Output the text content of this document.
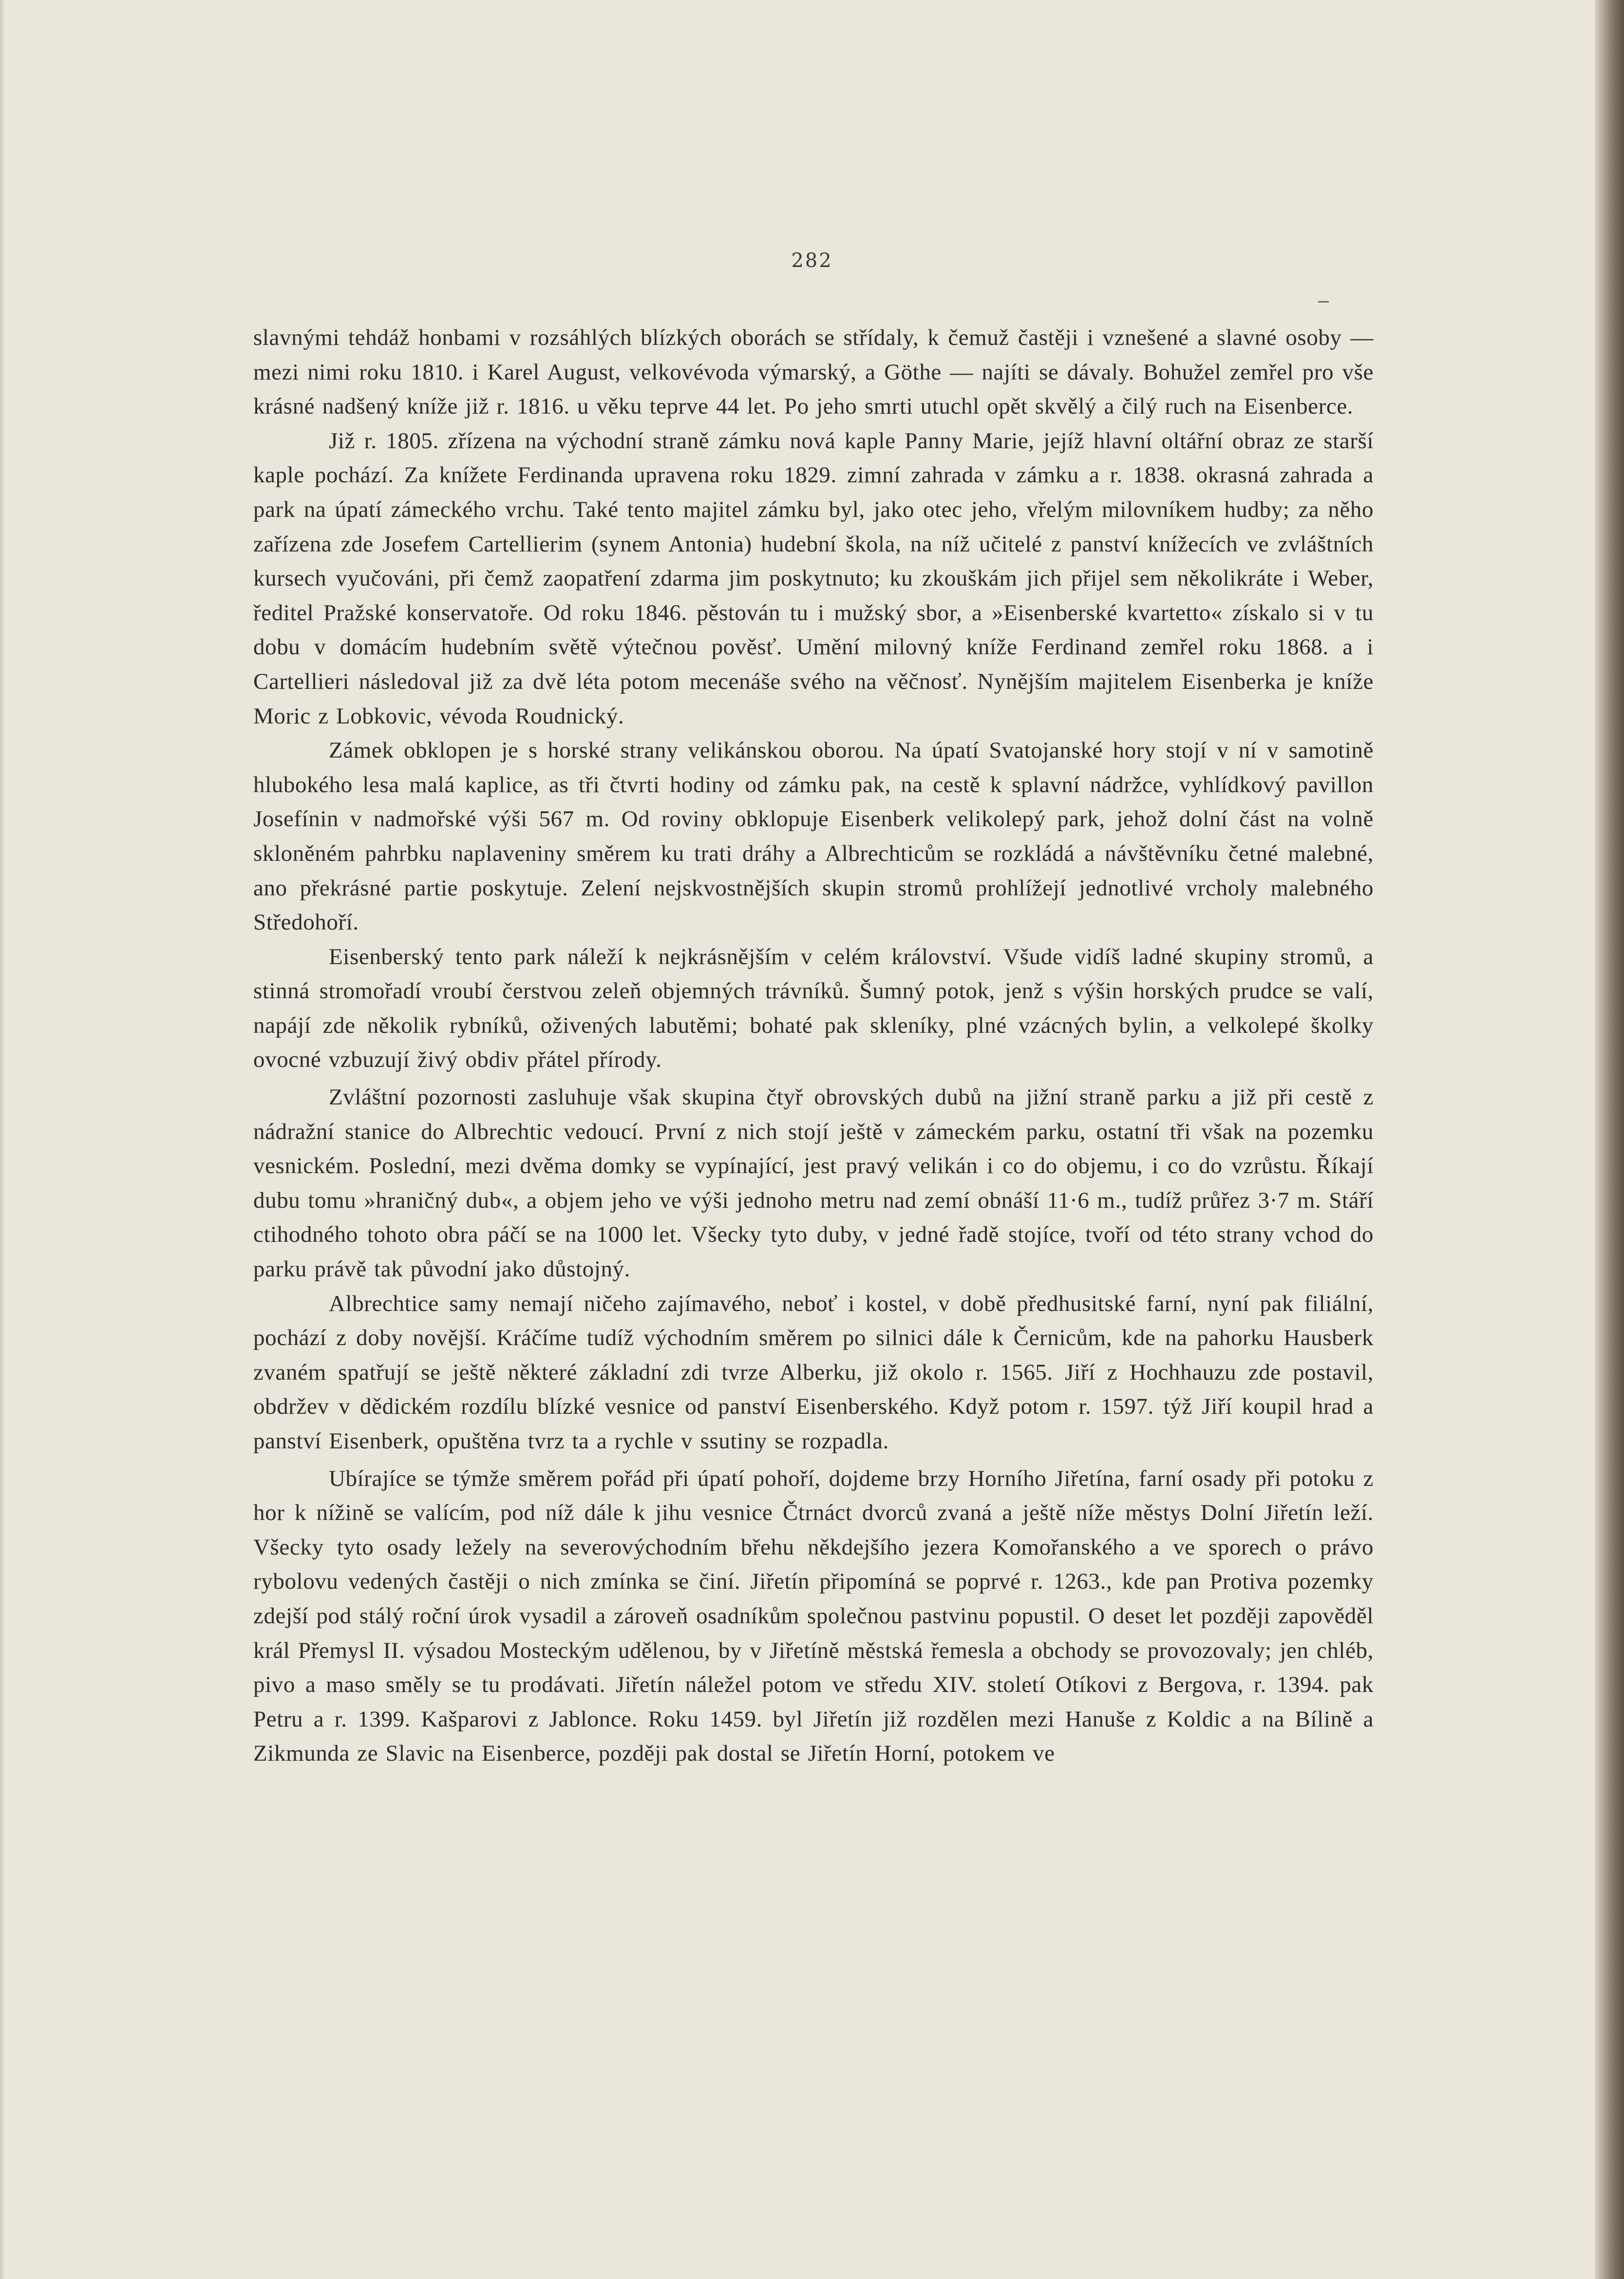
282

slavnými tehdáž honbami v rozsáhlých blízkých oborách se střídaly, k čemuž častěji i vznešené a slavné osoby — mezi nimi roku 1810. i Karel August, velkovévoda výmarský, a Göthe — najíti se dávaly. Bohužel zemřel pro vše krásné nadšený kníže již r. 1816. u věku teprve 44 let. Po jeho smrti utuchl opět skvělý a čilý ruch na Eisenberce.

Již r. 1805. zřízena na východní straně zámku nová kaple Panny Marie, jejíž hlavní oltářní obraz ze starší kaple pochází. Za knížete Ferdinanda upravena roku 1829. zimní zahrada v zámku a r. 1838. okrasná zahrada a park na úpatí zámeckého vrchu. Také tento majitel zámku byl, jako otec jeho, vřelým milovníkem hudby; za něho zařízena zde Josefem Cartellierim (synem Antonia) hudební škola, na níž učitelé z panství knížecích ve zvláštních kursech vyučováni, při čemž zaopatření zdarma jim poskytnuto; ku zkouškám jich přijel sem několikráte i Weber, ředitel Pražské konservatoře. Od roku 1846. pěstován tu i mužský sbor, a »Eisenberské kvartetto« získalo si v tu dobu v domácím hudebním světě výtečnou pověsť. Umění milovný kníže Ferdinand zemřel roku 1868. a i Cartellieri následoval již za dvě léta potom mecenáše svého na věčnosť. Nynějším majitelem Eisenberka je kníže Moric z Lobkovic, vévoda Roudnický.

Zámek obklopen je s horské strany velikánskou oborou. Na úpatí Svatojanské hory stojí v ní v samotině hlubokého lesa malá kaplice, as tři čtvrti hodiny od zámku pak, na cestě k splavní nádržce, vyhlídkový pavillon Josefínin v nadmořské výši 567 m. Od roviny obklopuje Eisenberk velikolepý park, jehož dolní část na volně skloněném pahrbku naplaveniny směrem ku trati dráhy a Albrechticům se rozkládá a návštěvníku četné malebné, ano překrásné partie poskytuje. Zelení nejskvostnějších skupin stromů prohlížejí jednotlivé vrcholy malebného Středohoří.

Eisenberský tento park náleží k nejkrásnějším v celém království. Všude vidíš ladné skupiny stromů, a stinná stromořadí vroubí čerstvou zeleň objemných trávníků. Šumný potok, jenž s výšin horských prudce se valí, napájí zde několik rybníků, oživených labutěmi; bohaté pak skleníky, plné vzácných bylin, a velkolepé školky ovocné vzbuzují živý obdiv přátel přírody.

Zvláštní pozornosti zasluhuje však skupina čtyř obrovských dubů na jižní straně parku a již při cestě z nádražní stanice do Albrechtic vedoucí. První z nich stojí ještě v zámeckém parku, ostatní tři však na pozemku vesnickém. Poslední, mezi dvěma domky se vypínající, jest pravý velikán i co do objemu, i co do vzrůstu. Říkají dubu tomu »hraničný dub«, a objem jeho ve výši jednoho metru nad zemí obnáší 11·6 m., tudíž průřez 3·7 m. Stáří ctihodného tohoto obra páčí se na 1000 let. Všecky tyto duby, v jedné řadě stojíce, tvoří od této strany vchod do parku právě tak původní jako důstojný.

Albrechtice samy nemají ničeho zajímavého, neboť i kostel, v době předhusitské farní, nyní pak filiální, pochází z doby novější. Kráčíme tudíž východním směrem po silnici dále k Černicům, kde na pahorku Hausberk zvaném spatřují se ještě některé základní zdi tvrze Alberku, již okolo r. 1565. Jiří z Hochhauzu zde postavil, obdržev v dědickém rozdílu blízké vesnice od panství Eisenberského. Když potom r. 1597. týž Jiří koupil hrad a panství Eisenberk, opuštěna tvrz ta a rychle v ssutiny se rozpadla.

Ubírajíce se týmže směrem pořád při úpatí pohoří, dojdeme brzy Horního Jiřetína, farní osady při potoku z hor k nížině se valícím, pod níž dále k jihu vesnice Čtrnáct dvorců zvaná a ještě níže městys Dolní Jiřetín leží. Všecky tyto osady ležely na severovýchodním břehu někdejšího jezera Komořanského a ve sporech o právo rybolovu vedených častěji o nich zmínka se činí. Jiřetín připomíná se poprvé r. 1263., kde pan Protiva pozemky zdejší pod stálý roční úrok vysadil a zároveň osadníkům společnou pastvinu popustil. O deset let později zapověděl král Přemysl II. výsadou Mosteckým udělenou, by v Jiřetíně městská řemesla a obchody se provozovaly; jen chléb, pivo a maso směly se tu prodávati. Jiřetín náležel potom ve středu XIV. století Otíkovi z Bergova, r. 1394. pak Petru a r. 1399. Kašparovi z Jablonce. Roku 1459. byl Jiřetín již rozdělen mezi Hanuše z Koldic a na Bílině a Zikmunda ze Slavic na Eisenberce, později pak dostal se Jiřetín Horní, potokem ve
